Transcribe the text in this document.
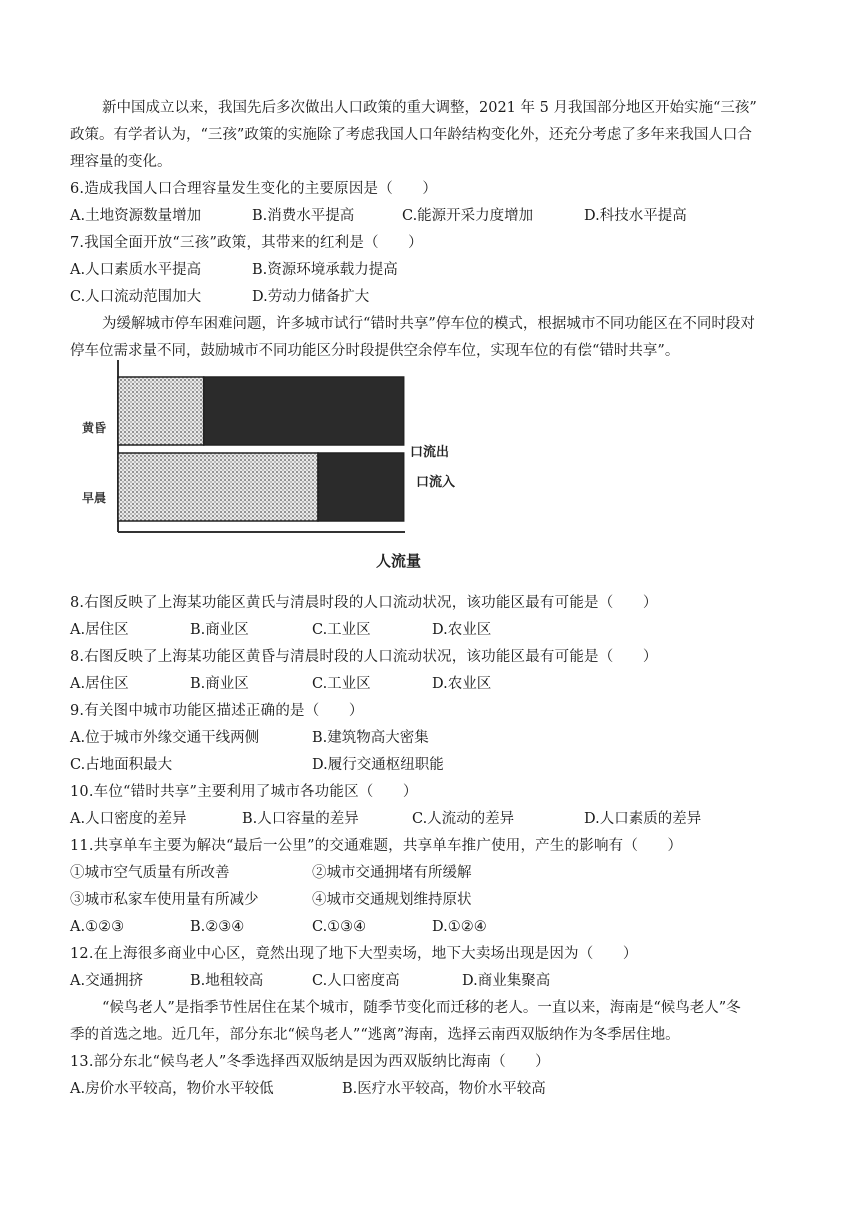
新中国成立以来，我国先后多次做出人口政策的重大调整，2021 年 5 月我国部分地区开始实施“三孩”
政策。有学者认为，“三孩”政策的实施除了考虑我国人口年龄结构变化外，还充分考虑了多年来我国人口合
理容量的变化。
6.造成我国人口合理容量发生变化的主要原因是（　　）
A.土地资源数量增加	B.消费水平提高	C.能源开采力度增加	D.科技水平提高
7.我国全面开放“三孩”政策，其带来的红利是（　　）
A.人口素质水平提高	B.资源环境承载力提高
C.人口流动范围加大	D.劳动力储备扩大
为缓解城市停车困难问题，许多城市试行“错时共享”停车位的模式，根据城市不同功能区在不同时段对
停车位需求量不同，鼓励城市不同功能区分时段提供空余停车位，实现车位的有偿“错时共享”。
黄昏
早晨
口流出
口流入
人流量
8.右图反映了上海某功能区黄氏与清晨时段的人口流动状况，该功能区最有可能是（　　）
A.居住区	B.商业区	C.工业区	D.农业区
8.右图反映了上海某功能区黄昏与清晨时段的人口流动状况，该功能区最有可能是（　　）
A.居住区	B.商业区	C.工业区	D.农业区
9.有关图中城市功能区描述正确的是（　　）
A.位于城市外缘交通干线两侧	B.建筑物高大密集
C.占地面积最大	D.履行交通枢纽职能
10.车位“错时共享”主要利用了城市各功能区（　　）
A.人口密度的差异	B.人口容量的差异	C.人流动的差异	D.人口素质的差异
11.共享单车主要为解决“最后一公里”的交通难题，共享单车推广使用，产生的影响有（　　）
①城市空气质量有所改善	②城市交通拥堵有所缓解
③城市私家车使用量有所减少	④城市交通规划维持原状
A.①②③	B.②③④	C.①③④	D.①②④
12.在上海很多商业中心区，竟然出现了地下大型卖场，地下大卖场出现是因为（　　）
A.交通拥挤	B.地租较高	C.人口密度高	D.商业集聚高
“候鸟老人”是指季节性居住在某个城市，随季节变化而迁移的老人。一直以来，海南是“候鸟老人”冬
季的首选之地。近几年，部分东北“候鸟老人”“逃离”海南，选择云南西双版纳作为冬季居住地。
13.部分东北“候鸟老人”冬季选择西双版纳是因为西双版纳比海南（　　）
A.房价水平较高，物价水平较低	B.医疗水平较高，物价水平较高
